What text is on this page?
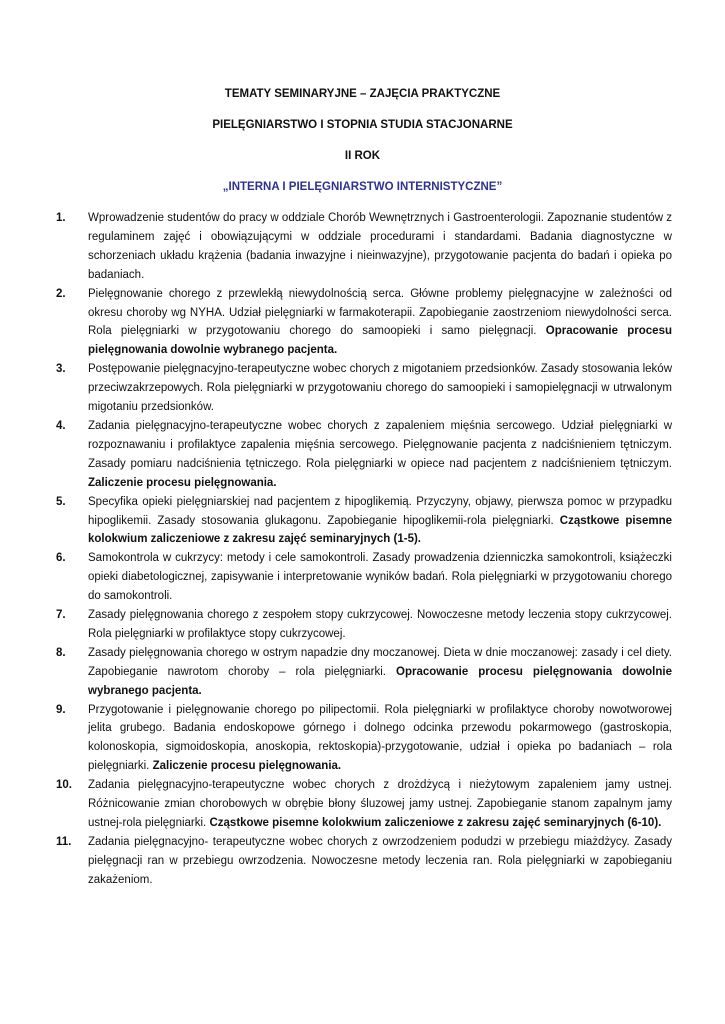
TEMATY SEMINARYJNE – ZAJĘCIA PRAKTYCZNE
PIELĘGNIARSTWO I STOPNIA STUDIA STACJONARNE
II ROK
„INTERNA I PIELĘGNIARSTWO INTERNISTYCZNE”
1. Wprowadzenie studentów do pracy w oddziale Chorób Wewnętrznych i Gastroenterologii. Zapoznanie studentów z regulaminem zajęć i obowiązującymi w oddziale procedurami i standardami. Badania diagnostyczne w schorzeniach układu krążenia (badania inwazyjne i nieinwazyjne), przygotowanie pacjenta do badań i opieka po badaniach.
2. Pielęgnowanie chorego z przewlekłą niewydolnością serca. Główne problemy pielęgnacyjne w zależności od okresu choroby wg NYHA. Udział pielęgniarki w farmakoterapii. Zapobieganie zaostrzeniom niewydolności serca. Rola pielęgniarki w przygotowaniu chorego do samoopieki i samo pielęgnacji. Opracowanie procesu pielęgnowania dowolnie wybranego pacjenta.
3. Postępowanie pielęgnacyjno-terapeutyczne wobec chorych z migotaniem przedsionków. Zasady stosowania leków przeciwzakrzepowych. Rola pielęgniarki w przygotowaniu chorego do samoopieki i samopielęgnacji w utrwalonym migotaniu przedsionków.
4. Zadania pielęgnacyjno-terapeutyczne wobec chorych z zapaleniem mięśnia sercowego. Udział pielęgniarki w rozpoznawaniu i profilaktyce zapalenia mięśnia sercowego. Pielęgnowanie pacjenta z nadciśnieniem tętniczym. Zasady pomiaru nadciśnienia tętniczego. Rola pielęgniarki w opiece nad pacjentem z nadciśnieniem tętniczym. Zaliczenie procesu pielęgnowania.
5. Specyfika opieki pielęgniarskiej nad pacjentem z hipoglikemią. Przyczyny, objawy, pierwsza pomoc w przypadku hipoglikemii. Zasady stosowania glukagonu. Zapobieganie hipoglikemii-rola pielęgniarki. Cząstkowe pisemne kolokwium zaliczeniowe z zakresu zajęć seminaryjnych (1-5).
6. Samokontrola w cukrzycy: metody i cele samokontroli. Zasady prowadzenia dzienniczka samokontroli, książeczki opieki diabetologicznej, zapisywanie i interpretowanie wyników badań. Rola pielęgniarki w przygotowaniu chorego do samokontroli.
7. Zasady pielęgnowania chorego z zespołem stopy cukrzycowej. Nowoczesne metody leczenia stopy cukrzycowej. Rola pielęgniarki w profilaktyce stopy cukrzycowej.
8. Zasady pielęgnowania chorego w ostrym napadzie dny moczanowej. Dieta w dnie moczanowej: zasady i cel diety. Zapobieganie nawrotom choroby – rola pielęgniarki. Opracowanie procesu pielęgnowania dowolnie wybranego pacjenta.
9. Przygotowanie i pielęgnowanie chorego po pilipectomii. Rola pielęgniarki w profilaktyce choroby nowotworowej jelita grubego. Badania endoskopowe górnego i dolnego odcinka przewodu pokarmowego (gastroskopia, kolonoskopia, sigmoidoskopia, anoskopia, rektoskopia)-przygotowanie, udział i opieka po badaniach – rola pielęgniarki. Zaliczenie procesu pielęgnowania.
10. Zadania pielęgnacyjno-terapeutyczne wobec chorych z drożdżycą i nieżytowym zapaleniem jamy ustnej. Różnicowanie zmian chorobowych w obrębie błony śluzowej jamy ustnej. Zapobieganie stanom zapalnym jamy ustnej-rola pielęgniarki. Cząstkowe pisemne kolokwium zaliczeniowe z zakresu zajęć seminaryjnych (6-10).
11. Zadania pielęgnacyjno- terapeutyczne wobec chorych z owrzodzeniem podudzi w przebiegu miażdżycy. Zasady pielęgnacji ran w przebiegu owrzodzenia. Nowoczesne metody leczenia ran. Rola pielęgniarki w zapobieganiu zakażeniom.
